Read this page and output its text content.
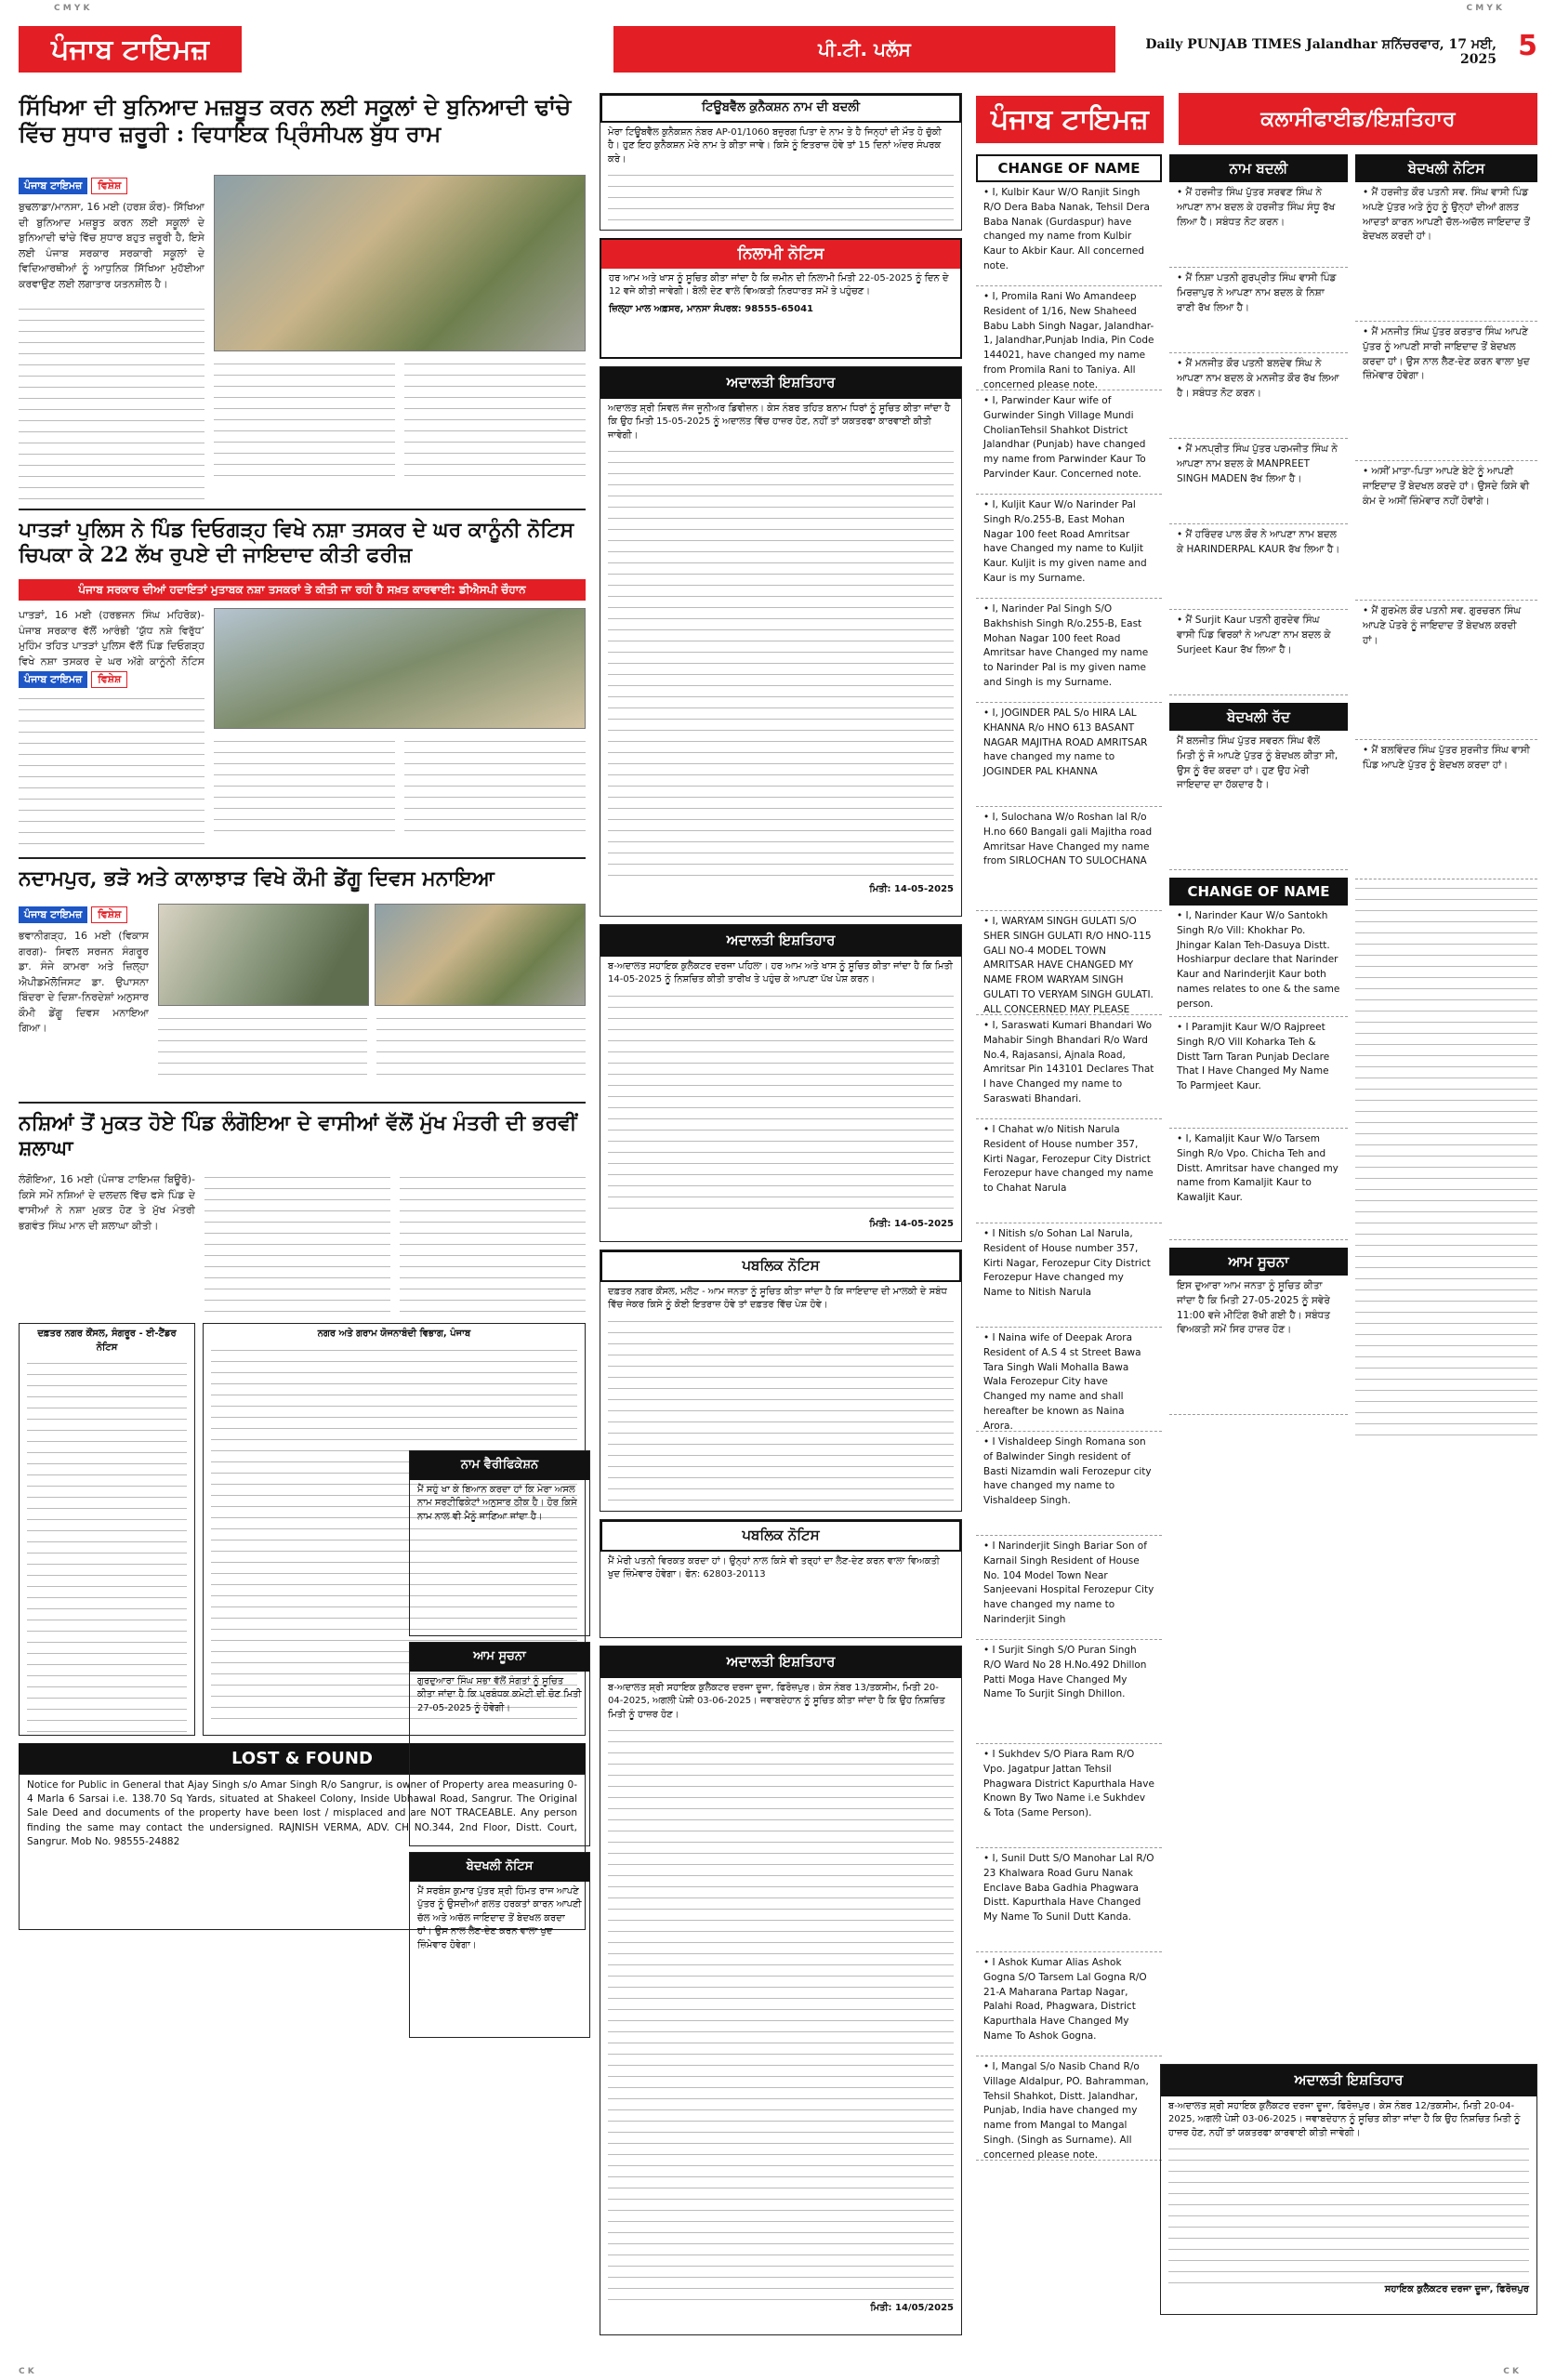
C M Y K	C M Y K
ਪੰਜਾਬ ਟਾਇਮਜ਼	ਪੀ.ਟੀ. ਪਲੱਸ	Daily PUNJAB TIMES Jalandhar ਸ਼ਨਿੱਚਰਵਾਰ, 17 ਮਈ, 2025 5
ਸਿੱਖਿਆ ਦੀ ਬੁਨਿਆਦ ਮਜ਼ਬੂਤ ਕਰਨ ਲਈ ਸਕੂਲਾਂ ਦੇ ਬੁਨਿਆਦੀ ਢਾਂਚੇ ਵਿੱਚ ਸੁਧਾਰ ਜ਼ਰੂਰੀ : ਵਿਧਾਇਕ ਪ੍ਰਿੰਸੀਪਲ ਬੁੱਧ ਰਾਮ
ਪੰਜਾਬ ਟਾਇਮਜ਼	ਵਿਸ਼ੇਸ਼
ਬੁਢਲਾਡਾ/ਮਾਨਸਾ, 16 ਮਈ (ਹਰਸ਼ ਕੌਰ)- ਸਿੱਖਿਆ ਦੀ ਬੁਨਿਆਦ ਮਜ਼ਬੂਤ ਕਰਨ ਲਈ ਸਕੂਲਾਂ ਦੇ ਬੁਨਿਆਦੀ ਢਾਂਚੇ ਵਿੱਚ ਸੁਧਾਰ ਬਹੁਤ ਜ਼ਰੂਰੀ ਹੈ, ਇਸੇ ਲਈ ਪੰਜਾਬ ਸਰਕਾਰ ਸਰਕਾਰੀ ਸਕੂਲਾਂ ਦੇ ਵਿਦਿਆਰਥੀਆਂ ਨੂੰ ਆਧੁਨਿਕ ਸਿੱਖਿਆ ਮੁਹੱਈਆ ਕਰਵਾਉਣ ਲਈ ਲਗਾਤਾਰ ਯਤਨਸ਼ੀਲ ਹੈ।
ਪਾਤੜਾਂ ਪੁਲਿਸ ਨੇ ਪਿੰਡ ਦਿਓਗੜ੍ਹ ਵਿਖੇ ਨਸ਼ਾ ਤਸਕਰ ਦੇ ਘਰ ਕਾਨੂੰਨੀ ਨੋਟਿਸ ਚਿਪਕਾ ਕੇ 22 ਲੱਖ ਰੁਪਏ ਦੀ ਜਾਇਦਾਦ ਕੀਤੀ ਫਰੀਜ਼
ਪੰਜਾਬ ਸਰਕਾਰ ਦੀਆਂ ਹਦਾਇਤਾਂ ਮੁਤਾਬਕ ਨਸ਼ਾ ਤਸਕਰਾਂ ਤੇ ਕੀਤੀ ਜਾ ਰਹੀ ਹੈ ਸਖ਼ਤ ਕਾਰਵਾਈ: ਡੀਐਸਪੀ ਚੌਹਾਨ
ਪਾਤੜਾਂ, 16 ਮਈ (ਹਰਭਜਨ ਸਿੰਘ ਮਹਿਰੋਕ)- ਪੰਜਾਬ ਸਰਕਾਰ ਵੱਲੋਂ ਆਰੰਭੀ ‘ਯੁੱਧ ਨਸ਼ੇ ਵਿਰੁੱਧ’ ਮੁਹਿੰਮ ਤਹਿਤ ਪਾਤੜਾਂ ਪੁਲਿਸ ਵੱਲੋਂ ਪਿੰਡ ਦਿਓਗੜ੍ਹ ਵਿਖੇ ਨਸ਼ਾ ਤਸਕਰ ਦੇ ਘਰ ਅੱਗੇ ਕਾਨੂੰਨੀ ਨੋਟਿਸ
ਪੰਜਾਬ ਟਾਇਮਜ਼	ਵਿਸ਼ੇਸ਼
ਨਦਾਮਪੁਰ, ਭੜੋ ਅਤੇ ਕਾਲਾਝਾੜ ਵਿਖੇ ਕੌਮੀ ਡੇਂਗੂ ਦਿਵਸ ਮਨਾਇਆ
ਪੰਜਾਬ ਟਾਇਮਜ਼	ਵਿਸ਼ੇਸ਼
ਭਵਾਨੀਗੜ੍ਹ, 16 ਮਈ (ਵਿਕਾਸ ਗਰਗ)- ਸਿਵਲ ਸਰਜਨ ਸੰਗਰੂਰ ਡਾ. ਸੰਜੇ ਕਾਮਰਾ ਅਤੇ ਜ਼ਿਲ੍ਹਾ ਐਪੀਡਮੋਲੋਜਿਸਟ ਡਾ. ਉਪਾਸਨਾ ਬਿੰਦਰਾ ਦੇ ਦਿਸ਼ਾ-ਨਿਰਦੇਸ਼ਾਂ ਅਨੁਸਾਰ ਕੌਮੀ ਡੇਂਗੂ ਦਿਵਸ ਮਨਾਇਆ ਗਿਆ।
ਨਸ਼ਿਆਂ ਤੋਂ ਮੁਕਤ ਹੋਏ ਪਿੰਡ ਲੰਗੋਇਆ ਦੇ ਵਾਸੀਆਂ ਵੱਲੋਂ ਮੁੱਖ ਮੰਤਰੀ ਦੀ ਭਰਵੀਂ ਸ਼ਲਾਘਾ
ਲੰਗੋਇਆ, 16 ਮਈ (ਪੰਜਾਬ ਟਾਇਮਜ਼ ਬਿਊਰੋ)- ਕਿਸੇ ਸਮੇਂ ਨਸ਼ਿਆਂ ਦੇ ਦਲਦਲ ਵਿੱਚ ਫਸੇ ਪਿੰਡ ਦੇ ਵਾਸੀਆਂ ਨੇ ਨਸ਼ਾ ਮੁਕਤ ਹੋਣ ਤੇ ਮੁੱਖ ਮੰਤਰੀ ਭਗਵੰਤ ਸਿੰਘ ਮਾਨ ਦੀ ਸ਼ਲਾਘਾ ਕੀਤੀ।
ਦਫ਼ਤਰ ਨਗਰ ਕੌਂਸਲ, ਸੰਗਰੂਰ - ਈ-ਟੈਂਡਰ ਨੋਟਿਸ
ਨਗਰ ਅਤੇ ਗਰਾਮ ਯੋਜਨਾਬੰਦੀ ਵਿਭਾਗ, ਪੰਜਾਬ
LOST & FOUND
Notice for Public in General that Ajay Singh s/o Amar Singh R/o Sangrur, is owner of Property area measuring 0-4 Marla 6 Sarsai i.e. 138.70 Sq Yards, situated at Shakeel Colony, Inside Ubhawal Road, Sangrur. The Original Sale Deed and documents of the property have been lost / misplaced and are NOT TRACEABLE. Any person finding the same may contact the undersigned. RAJNISH VERMA, ADV. CH NO.344, 2nd Floor, Distt. Court, Sangrur. Mob No. 98555-24882
ਟਿਊਬਵੈੱਲ ਕੁਨੈਕਸ਼ਨ ਨਾਮ ਦੀ ਬਦਲੀ
ਮੇਰਾ ਟਿਊਬਵੈੱਲ ਕੁਨੈਕਸ਼ਨ ਨੰਬਰ AP-01/1060 ਬਜ਼ੁਰਗ ਪਿਤਾ ਦੇ ਨਾਮ ਤੇ ਹੈ ਜਿਨ੍ਹਾਂ ਦੀ ਮੌਤ ਹੋ ਚੁੱਕੀ ਹੈ। ਹੁਣ ਇਹ ਕੁਨੈਕਸ਼ਨ ਮੇਰੇ ਨਾਮ ਤੇ ਕੀਤਾ ਜਾਵੇ। ਕਿਸੇ ਨੂੰ ਇਤਰਾਜ਼ ਹੋਵੇ ਤਾਂ 15 ਦਿਨਾਂ ਅੰਦਰ ਸੰਪਰਕ ਕਰੇ।
ਨਿਲਾਮੀ ਨੋਟਿਸ
ਹਰ ਆਮ ਅਤੇ ਖਾਸ ਨੂੰ ਸੂਚਿਤ ਕੀਤਾ ਜਾਂਦਾ ਹੈ ਕਿ ਜ਼ਮੀਨ ਦੀ ਨਿਲਾਮੀ ਮਿਤੀ 22-05-2025 ਨੂੰ ਦਿਨ ਦੇ 12 ਵਜੇ ਕੀਤੀ ਜਾਵੇਗੀ। ਬੋਲੀ ਦੇਣ ਵਾਲੇ ਵਿਅਕਤੀ ਨਿਰਧਾਰਤ ਸਮੇਂ ਤੇ ਪਹੁੰਚਣ।
ਜ਼ਿਲ੍ਹਾ ਮਾਲ ਅਫ਼ਸਰ, ਮਾਨਸਾ ਸੰਪਰਕ: 98555-65041
ਅਦਾਲਤੀ ਇਸ਼ਤਿਹਾਰ
ਅਦਾਲਤ ਸ਼੍ਰੀ ਸਿਵਲ ਜੱਜ ਜੂਨੀਅਰ ਡਿਵੀਜ਼ਨ। ਕੇਸ ਨੰਬਰ ਤਹਿਤ ਬਨਾਮ ਧਿਰਾਂ ਨੂੰ ਸੂਚਿਤ ਕੀਤਾ ਜਾਂਦਾ ਹੈ ਕਿ ਉਹ ਮਿਤੀ 15-05-2025 ਨੂੰ ਅਦਾਲਤ ਵਿੱਚ ਹਾਜ਼ਰ ਹੋਣ, ਨਹੀਂ ਤਾਂ ਯਕਤਰਫਾ ਕਾਰਵਾਈ ਕੀਤੀ ਜਾਵੇਗੀ।
ਮਿਤੀ: 14-05-2025
ਅਦਾਲਤੀ ਇਸ਼ਤਿਹਾਰ
ਬ-ਅਦਾਲਤ ਸਹਾਇਕ ਕੁਲੈਕਟਰ ਦਰਜਾ ਪਹਿਲਾ। ਹਰ ਆਮ ਅਤੇ ਖਾਸ ਨੂੰ ਸੂਚਿਤ ਕੀਤਾ ਜਾਂਦਾ ਹੈ ਕਿ ਮਿਤੀ 14-05-2025 ਨੂੰ ਨਿਸ਼ਚਿਤ ਕੀਤੀ ਤਾਰੀਖ ਤੇ ਪਹੁੰਚ ਕੇ ਆਪਣਾ ਪੱਖ ਪੇਸ਼ ਕਰਨ।
ਮਿਤੀ: 14-05-2025
ਪਬਲਿਕ ਨੋਟਿਸ
ਦਫ਼ਤਰ ਨਗਰ ਕੌਂਸਲ, ਮਲੋਟ - ਆਮ ਜਨਤਾ ਨੂੰ ਸੂਚਿਤ ਕੀਤਾ ਜਾਂਦਾ ਹੈ ਕਿ ਜਾਇਦਾਦ ਦੀ ਮਾਲਕੀ ਦੇ ਸਬੰਧ ਵਿੱਚ ਜੇਕਰ ਕਿਸੇ ਨੂੰ ਕੋਈ ਇਤਰਾਜ਼ ਹੋਵੇ ਤਾਂ ਦਫ਼ਤਰ ਵਿੱਚ ਪੇਸ਼ ਹੋਵੇ।
ਪਬਲਿਕ ਨੋਟਿਸ
ਮੈਂ ਮੇਰੀ ਪਤਨੀ ਵਿਰਕਤ ਕਰਦਾ ਹਾਂ। ਉਨ੍ਹਾਂ ਨਾਲ ਕਿਸੇ ਵੀ ਤਰ੍ਹਾਂ ਦਾ ਲੈਣ-ਦੇਣ ਕਰਨ ਵਾਲਾ ਵਿਅਕਤੀ ਖੁਦ ਜ਼ਿੰਮੇਵਾਰ ਹੋਵੇਗਾ। ਫੋਨ: 62803-20113
ਅਦਾਲਤੀ ਇਸ਼ਤਿਹਾਰ
ਬ-ਅਦਾਲਤ ਸ਼੍ਰੀ ਸਹਾਇਕ ਕੁਲੈਕਟਰ ਦਰਜਾ ਦੂਜਾ, ਫਿਰੋਜ਼ਪੁਰ। ਕੇਸ ਨੰਬਰ 13/ਤਕਸੀਮ, ਮਿਤੀ 20-04-2025, ਅਗਲੀ ਪੇਸ਼ੀ 03-06-2025। ਜਵਾਬਦੇਹਾਨ ਨੂੰ ਸੂਚਿਤ ਕੀਤਾ ਜਾਂਦਾ ਹੈ ਕਿ ਉਹ ਨਿਸ਼ਚਿਤ ਮਿਤੀ ਨੂੰ ਹਾਜ਼ਰ ਹੋਣ।
ਮਿਤੀ: 14/05/2025
ਪੰਜਾਬ ਟਾਇਮਜ਼	ਕਲਾਸੀਫਾਈਡ/ਇਸ਼ਤਿਹਾਰ
CHANGE OF NAME
• I, Kulbir Kaur W/O Ranjit Singh R/O Dera Baba Nanak, Tehsil Dera Baba Nanak (Gurdaspur) have changed my name from Kulbir Kaur to Akbir Kaur. All concerned note.
• I, Promila Rani Wo Amandeep Resident of 1/16, New Shaheed Babu Labh Singh Nagar, Jalandhar-1, Jalandhar,Punjab India, Pin Code 144021, have changed my name from Promila Rani to Taniya. All concerned please note.
• I, Parwinder Kaur wife of Gurwinder Singh Village Mundi CholianTehsil Shahkot District Jalandhar (Punjab) have changed my name from Parwinder Kaur To Parvinder Kaur. Concerned note.
• I, Kuljit Kaur W/o Narinder Pal Singh R/o.255-B, East Mohan Nagar 100 feet Road Amritsar have Changed my name to Kuljit Kaur. Kuljit is my given name and Kaur is my Surname.
• I, Narinder Pal Singh S/O Bakhshish Singh R/o.255-B, East Mohan Nagar 100 feet Road Amritsar have Changed my name to Narinder Pal is my given name and Singh is my Surname.
• I, JOGINDER PAL S/o HIRA LAL KHANNA R/o HNO 613 BASANT NAGAR MAJITHA ROAD AMRITSAR have changed my name to JOGINDER PAL KHANNA
• I, Sulochana W/o Roshan lal R/o H.no 660 Bangali gali Majitha road Amritsar Have Changed my name from SIRLOCHAN TO SULOCHANA
• I, WARYAM SINGH GULATI S/O SHER SINGH GULATI R/O HNO-115 GALI NO-4 MODEL TOWN AMRITSAR HAVE CHANGED MY NAME FROM WARYAM SINGH GULATI TO VERYAM SINGH GULATI. ALL CONCERNED MAY PLEASE
• I, Saraswati Kumari Bhandari Wo Mahabir Singh Bhandari R/o Ward No.4, Rajasansi, Ajnala Road, Amritsar Pin 143101 Declares That I have Changed my name to Saraswati Bhandari.
• I Chahat w/o Nitish Narula Resident of House number 357, Kirti Nagar, Ferozepur City District Ferozepur have changed my name to Chahat Narula
• I Nitish s/o Sohan Lal Narula, Resident of House number 357, Kirti Nagar, Ferozepur City District Ferozepur Have changed my Name to Nitish Narula
• I Naina wife of Deepak Arora Resident of A.S 4 st Street Bawa Tara Singh Wali Mohalla Bawa Wala Ferozepur City have Changed my name and shall hereafter be known as Naina Arora.
• I Vishaldeep Singh Romana son of Balwinder Singh resident of Basti Nizamdin wali Ferozepur city have changed my name to Vishaldeep Singh.
• I Narinderjit Singh Bariar Son of Karnail Singh Resident of House No. 104 Model Town Near Sanjeevani Hospital Ferozepur City have changed my name to Narinderjit Singh
• I Surjit Singh S/O Puran Singh R/O Ward No 28 H.No.492 Dhillon Patti Moga Have Changed My Name To Surjit Singh Dhillon.
• I Sukhdev S/O Piara Ram R/O Vpo. Jagatpur Jattan Tehsil Phagwara District Kapurthala Have Known By Two Name i.e Sukhdev & Tota (Same Person).
• I, Sunil Dutt S/O Manohar Lal R/O 23 Khalwara Road Guru Nanak Enclave Baba Gadhia Phagwara Distt. Kapurthala Have Changed My Name To Sunil Dutt Kanda.
• I Ashok Kumar Alias Ashok Gogna S/O Tarsem Lal Gogna R/O 21-A Maharana Partap Nagar, Palahi Road, Phagwara, District Kapurthala Have Changed My Name To Ashok Gogna.
• I, Mangal S/o Nasib Chand R/o Village Aldalpur, PO. Bahramman, Tehsil Shahkot, Distt. Jalandhar, Punjab, India have changed my name from Mangal to Mangal Singh. (Singh as Surname). All concerned please note.
ਨਾਮ ਬਦਲੀ
• ਮੈਂ ਹਰਜੀਤ ਸਿੰਘ ਪੁੱਤਰ ਸਰਵਣ ਸਿੰਘ ਨੇ ਆਪਣਾ ਨਾਮ ਬਦਲ ਕੇ ਹਰਜੀਤ ਸਿੰਘ ਸੰਧੂ ਰੱਖ ਲਿਆ ਹੈ। ਸਬੰਧਤ ਨੋਟ ਕਰਨ।
• ਮੈਂ ਨਿਸ਼ਾ ਪਤਨੀ ਗੁਰਪ੍ਰੀਤ ਸਿੰਘ ਵਾਸੀ ਪਿੰਡ ਮਿਰਜ਼ਾਪੁਰ ਨੇ ਆਪਣਾ ਨਾਮ ਬਦਲ ਕੇ ਨਿਸ਼ਾ ਰਾਣੀ ਰੱਖ ਲਿਆ ਹੈ।
• ਮੈਂ ਮਨਜੀਤ ਕੌਰ ਪਤਨੀ ਬਲਦੇਵ ਸਿੰਘ ਨੇ ਆਪਣਾ ਨਾਮ ਬਦਲ ਕੇ ਮਨਜੀਤ ਕੌਰ ਰੱਖ ਲਿਆ ਹੈ। ਸਬੰਧਤ ਨੋਟ ਕਰਨ।
• ਮੈਂ ਮਨਪ੍ਰੀਤ ਸਿੰਘ ਪੁੱਤਰ ਪਰਮਜੀਤ ਸਿੰਘ ਨੇ ਆਪਣਾ ਨਾਮ ਬਦਲ ਕੇ MANPREET SINGH MADEN ਰੱਖ ਲਿਆ ਹੈ।
• ਮੈਂ ਹਰਿੰਦਰ ਪਾਲ ਕੌਰ ਨੇ ਆਪਣਾ ਨਾਮ ਬਦਲ ਕੇ HARINDERPAL KAUR ਰੱਖ ਲਿਆ ਹੈ।
• ਮੈਂ Surjit Kaur ਪਤਨੀ ਗੁਰਦੇਵ ਸਿੰਘ ਵਾਸੀ ਪਿੰਡ ਵਿਰਕਾਂ ਨੇ ਆਪਣਾ ਨਾਮ ਬਦਲ ਕੇ Surjeet Kaur ਰੱਖ ਲਿਆ ਹੈ।
ਬੇਦਖਲੀ ਰੱਦ
ਮੈਂ ਬਲਜੀਤ ਸਿੰਘ ਪੁੱਤਰ ਸਵਰਨ ਸਿੰਘ ਵੱਲੋਂ ਮਿਤੀ ਨੂੰ ਜੋ ਆਪਣੇ ਪੁੱਤਰ ਨੂੰ ਬੇਦਖਲ ਕੀਤਾ ਸੀ, ਉਸ ਨੂੰ ਰੱਦ ਕਰਦਾ ਹਾਂ। ਹੁਣ ਉਹ ਮੇਰੀ ਜਾਇਦਾਦ ਦਾ ਹੱਕਦਾਰ ਹੈ।
CHANGE OF NAME
• I, Narinder Kaur W/o Santokh Singh R/o Vill: Khokhar Po. Jhingar Kalan Teh-Dasuya Distt. Hoshiarpur declare that Narinder Kaur and Narinderjit Kaur both names relates to one & the same person.
• I Paramjit Kaur W/O Rajpreet Singh R/O Vill Koharka Teh & Distt Tarn Taran Punjab Declare That I Have Changed My Name To Parmjeet Kaur.
• I, Kamaljit Kaur W/o Tarsem Singh R/o Vpo. Chicha Teh and Distt. Amritsar have changed my name from Kamaljit Kaur to Kawaljit Kaur.
ਆਮ ਸੂਚਨਾ
ਇਸ ਦੁਆਰਾ ਆਮ ਜਨਤਾ ਨੂੰ ਸੂਚਿਤ ਕੀਤਾ ਜਾਂਦਾ ਹੈ ਕਿ ਮਿਤੀ 27-05-2025 ਨੂੰ ਸਵੇਰੇ 11:00 ਵਜੇ ਮੀਟਿੰਗ ਰੱਖੀ ਗਈ ਹੈ। ਸਬੰਧਤ ਵਿਅਕਤੀ ਸਮੇਂ ਸਿਰ ਹਾਜ਼ਰ ਹੋਣ।
ਬੇਦਖਲੀ ਨੋਟਿਸ
• ਮੈਂ ਹਰਜੀਤ ਕੌਰ ਪਤਨੀ ਸਵ. ਸਿੰਘ ਵਾਸੀ ਪਿੰਡ ਅਪਣੇ ਪੁੱਤਰ ਅਤੇ ਨੂੰਹ ਨੂੰ ਉਨ੍ਹਾਂ ਦੀਆਂ ਗਲਤ ਆਦਤਾਂ ਕਾਰਨ ਆਪਣੀ ਚੱਲ-ਅਚੱਲ ਜਾਇਦਾਦ ਤੋਂ ਬੇਦਖਲ ਕਰਦੀ ਹਾਂ।
• ਮੈਂ ਮਨਜੀਤ ਸਿੰਘ ਪੁੱਤਰ ਕਰਤਾਰ ਸਿੰਘ ਆਪਣੇ ਪੁੱਤਰ ਨੂੰ ਆਪਣੀ ਸਾਰੀ ਜਾਇਦਾਦ ਤੋਂ ਬੇਦਖਲ ਕਰਦਾ ਹਾਂ। ਉਸ ਨਾਲ ਲੈਣ-ਦੇਣ ਕਰਨ ਵਾਲਾ ਖੁਦ ਜ਼ਿੰਮੇਵਾਰ ਹੋਵੇਗਾ।
• ਅਸੀਂ ਮਾਤਾ-ਪਿਤਾ ਆਪਣੇ ਬੇਟੇ ਨੂੰ ਆਪਣੀ ਜਾਇਦਾਦ ਤੋਂ ਬੇਦਖਲ ਕਰਦੇ ਹਾਂ। ਉਸਦੇ ਕਿਸੇ ਵੀ ਕੰਮ ਦੇ ਅਸੀਂ ਜ਼ਿੰਮੇਵਾਰ ਨਹੀਂ ਹੋਵਾਂਗੇ।
• ਮੈਂ ਗੁਰਮੇਲ ਕੌਰ ਪਤਨੀ ਸਵ. ਗੁਰਚਰਨ ਸਿੰਘ ਆਪਣੇ ਪੋਤਰੇ ਨੂੰ ਜਾਇਦਾਦ ਤੋਂ ਬੇਦਖਲ ਕਰਦੀ ਹਾਂ।
• ਮੈਂ ਬਲਵਿੰਦਰ ਸਿੰਘ ਪੁੱਤਰ ਸੁਰਜੀਤ ਸਿੰਘ ਵਾਸੀ ਪਿੰਡ ਆਪਣੇ ਪੁੱਤਰ ਨੂੰ ਬੇਦਖਲ ਕਰਦਾ ਹਾਂ।
ਅਦਾਲਤੀ ਇਸ਼ਤਿਹਾਰ
ਬ-ਅਦਾਲਤ ਸ਼੍ਰੀ ਸਹਾਇਕ ਕੁਲੈਕਟਰ ਦਰਜਾ ਦੂਜਾ, ਫਿਰੋਜ਼ਪੁਰ। ਕੇਸ ਨੰਬਰ 12/ਤਕਸੀਮ, ਮਿਤੀ 20-04-2025, ਅਗਲੀ ਪੇਸ਼ੀ 03-06-2025। ਜਵਾਬਦੇਹਾਨ ਨੂੰ ਸੂਚਿਤ ਕੀਤਾ ਜਾਂਦਾ ਹੈ ਕਿ ਉਹ ਨਿਸ਼ਚਿਤ ਮਿਤੀ ਨੂੰ ਹਾਜ਼ਰ ਹੋਣ, ਨਹੀਂ ਤਾਂ ਯਕਤਰਫਾ ਕਾਰਵਾਈ ਕੀਤੀ ਜਾਵੇਗੀ।
ਸਹਾਇਕ ਕੁਲੈਕਟਰ ਦਰਜਾ ਦੂਜਾ, ਫਿਰੋਜ਼ਪੁਰ
ਨਾਮ ਵੈਰੀਫਿਕੇਸ਼ਨ
ਮੈਂ ਸਹੁੰ ਖਾ ਕੇ ਬਿਆਨ ਕਰਦਾ ਹਾਂ ਕਿ ਮੇਰਾ ਅਸਲ ਨਾਮ ਸਰਟੀਫਿਕੇਟਾਂ ਅਨੁਸਾਰ ਠੀਕ ਹੈ। ਹੋਰ ਕਿਸੇ ਨਾਮ ਨਾਲ ਵੀ ਮੈਨੂੰ ਜਾਣਿਆ ਜਾਂਦਾ ਹੈ।
ਆਮ ਸੂਚਨਾ
ਗੁਰਦੁਆਰਾ ਸਿੰਘ ਸਭਾ ਵੱਲੋਂ ਸੰਗਤਾਂ ਨੂੰ ਸੂਚਿਤ ਕੀਤਾ ਜਾਂਦਾ ਹੈ ਕਿ ਪ੍ਰਬੰਧਕ ਕਮੇਟੀ ਦੀ ਚੋਣ ਮਿਤੀ 27-05-2025 ਨੂੰ ਹੋਵੇਗੀ।
ਬੇਦਖਲੀ ਨੋਟਿਸ
ਮੈਂ ਸਰਬੰਸ ਕੁਮਾਰ ਪੁੱਤਰ ਸ਼੍ਰੀ ਹਿੰਮਤ ਰਾਜ ਆਪਣੇ ਪੁੱਤਰ ਨੂੰ ਉਸਦੀਆਂ ਗਲਤ ਹਰਕਤਾਂ ਕਾਰਨ ਆਪਣੀ ਚੱਲ ਅਤੇ ਅਚੱਲ ਜਾਇਦਾਦ ਤੋਂ ਬੇਦਖਲ ਕਰਦਾ ਹਾਂ। ਉਸ ਨਾਲ ਲੈਣ-ਦੇਣ ਕਰਨ ਵਾਲਾ ਖੁਦ ਜ਼ਿੰਮੇਵਾਰ ਹੋਵੇਗਾ।
C K	C K
